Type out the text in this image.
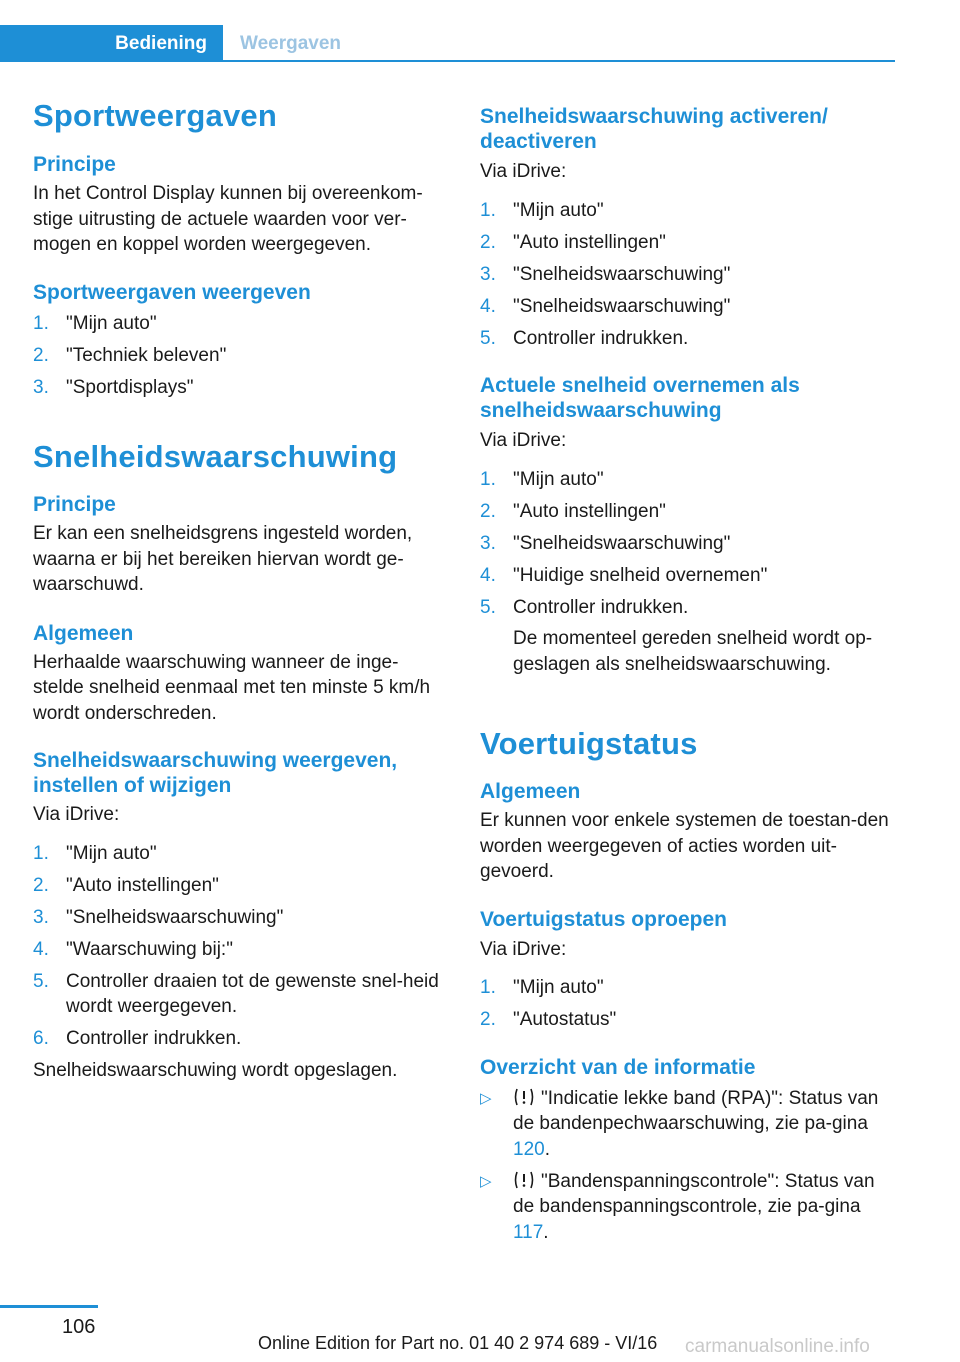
Bediening	Weergaven
Sportweergaven
Principe

In het Control Display kunnen bij overeenkom-stige uitrusting de actuele waarden voor ver-mogen en koppel worden weergegeven.

Sportweergaven weergeven
1. "Mijn auto"
2. "Techniek beleven"
3. "Sportdisplays"
Snelheidswaarschuwing
Principe

Er kan een snelheidsgrens ingesteld worden, waarna er bij het bereiken hiervan wordt ge-waarschuwd.

Algemeen

Herhaalde waarschuwing wanneer de inge-stelde snelheid eenmaal met ten minste 5 km/h wordt onderschreden.

Snelheidswaarschuwing weergeven, instellen of wijzigen

Via iDrive:

1. "Mijn auto"
2. "Auto instellingen"
3. "Snelheidswaarschuwing"
4. "Waarschuwing bij:"
5. Controller draaien tot de gewenste snel-heid wordt weergegeven.
6. Controller indrukken.

Snelheidswaarschuwing wordt opgeslagen.

Snelheidswaarschuwing activeren/ deactiveren

Via iDrive:

1. "Mijn auto"
2. "Auto instellingen"
3. "Snelheidswaarschuwing"
4. "Snelheidswaarschuwing"
5. Controller indrukken.
Actuele snelheid overnemen als snelheidswaarschuwing

Via iDrive:

1. "Mijn auto"
2. "Auto instellingen"
3. "Snelheidswaarschuwing"
4. "Huidige snelheid overnemen"
5. Controller indrukken.
De momenteel gereden snelheid wordt op-geslagen als snelheidswaarschuwing.
Voertuigstatus
Algemeen

Er kunnen voor enkele systemen de toestan-den worden weergegeven of acties worden uit-gevoerd.

Voertuigstatus oproepen

Via iDrive:

1. "Mijn auto"
2. "Autostatus"
Overzicht van de informatie
▷	"Indicatie lekke band (RPA)": Status van de bandenpechwaarschuwing, zie pa-gina 120.
▷	"Bandenspanningscontrole": Status van de bandenspanningscontrole, zie pa-gina 117.
106
Online Edition for Part no. 01 40 2 974 689 - VI/16 carmanualsonline.info
